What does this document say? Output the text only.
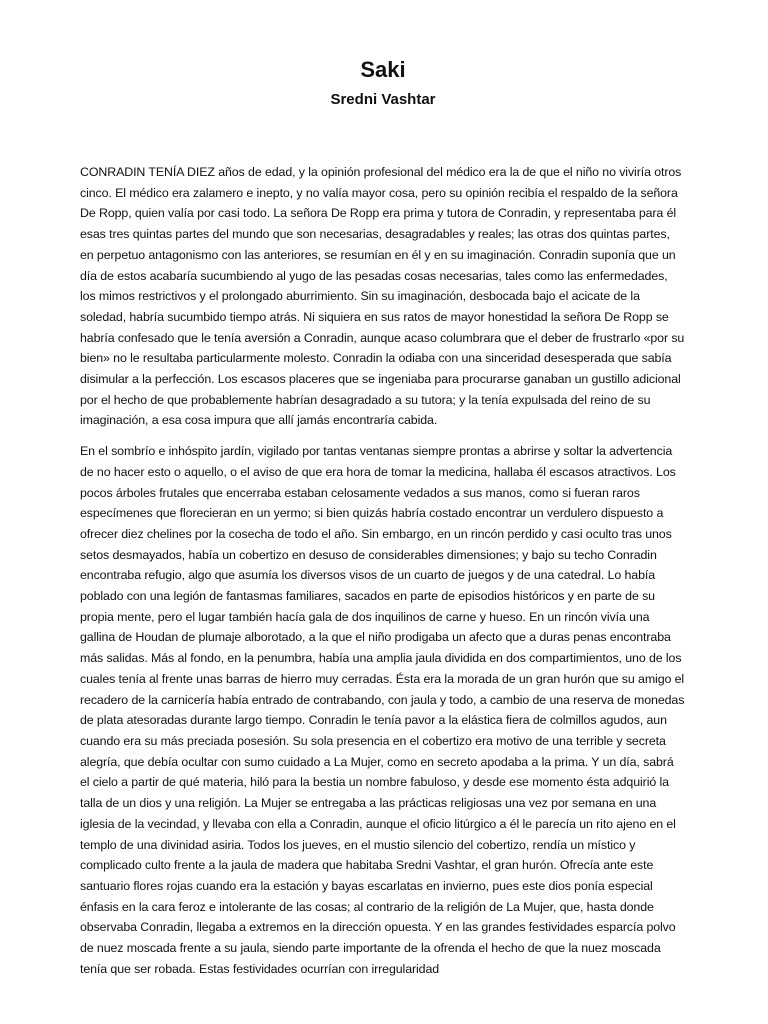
Saki
Sredni Vashtar

CONRADIN TENÍA DIEZ años de edad, y la opinión profesional del médico era la de que el niño no viviría otros cinco. El médico era zalamero e inepto, y no valía mayor cosa, pero su opinión recibía el respaldo de la señora De Ropp, quien valía por casi todo. La señora De Ropp era prima y tutora de Conradin, y representaba para él esas tres quintas partes del mundo que son necesarias, desagradables y reales; las otras dos quintas partes, en perpetuo antagonismo con las anteriores, se resumían en él y en su imaginación. Conradin suponía que un día de estos acabaría sucumbiendo al yugo de las pesadas cosas necesarias, tales como las enfermedades, los mimos restrictivos y el prolongado aburrimiento. Sin su imaginación, desbocada bajo el acicate de la soledad, habría sucumbido tiempo atrás. Ni siquiera en sus ratos de mayor honestidad la señora De Ropp se habría confesado que le tenía aversión a Conradin, aunque acaso columbrara que el deber de frustrarlo «por su bien» no le resultaba particularmente molesto. Conradin la odiaba con una sinceridad desesperada que sabía disimular a la perfección. Los escasos placeres que se ingeniaba para procurarse ganaban un gustillo adicional por el hecho de que probablemente habrían desagradado a su tutora; y la tenía expulsada del reino de su imaginación, a esa cosa impura que allí jamás encontraría cabida.

En el sombrío e inhóspito jardín, vigilado por tantas ventanas siempre prontas a abrirse y soltar la advertencia de no hacer esto o aquello, o el aviso de que era hora de tomar la medicina, hallaba él escasos atractivos. Los pocos árboles frutales que encerraba estaban celosamente vedados a sus manos, como si fueran raros especímenes que florecieran en un yermo; si bien quizás habría costado encontrar un verdulero dispuesto a ofrecer diez chelines por la cosecha de todo el año. Sin embargo, en un rincón perdido y casi oculto tras unos setos desmayados, había un cobertizo en desuso de considerables dimensiones; y bajo su techo Conradin encontraba refugio, algo que asumía los diversos visos de un cuarto de juegos y de una catedral. Lo había poblado con una legión de fantasmas familiares, sacados en parte de episodios históricos y en parte de su propia mente, pero el lugar también hacía gala de dos inquilinos de carne y hueso. En un rincón vivía una gallina de Houdan de plumaje alborotado, a la que el niño prodigaba un afecto que a duras penas encontraba más salidas. Más al fondo, en la penumbra, había una amplia jaula dividida en dos compartimientos, uno de los cuales tenía al frente unas barras de hierro muy cerradas. Ésta era la morada de un gran hurón que su amigo el recadero de la carnicería había entrado de contrabando, con jaula y todo, a cambio de una reserva de monedas de plata atesoradas durante largo tiempo. Conradin le tenía pavor a la elástica fiera de colmillos agudos, aun cuando era su más preciada posesión. Su sola presencia en el cobertizo era motivo de una terrible y secreta alegría, que debía ocultar con sumo cuidado a La Mujer, como en secreto apodaba a la prima. Y un día, sabrá el cielo a partir de qué materia, hiló para la bestia un nombre fabuloso, y desde ese momento ésta adquirió la talla de un dios y una religión. La Mujer se entregaba a las prácticas religiosas una vez por semana en una iglesia de la vecindad, y llevaba con ella a Conradin, aunque el oficio litúrgico a él le parecía un rito ajeno en el templo de una divinidad asiria. Todos los jueves, en el mustio silencio del cobertizo, rendía un místico y complicado culto frente a la jaula de madera que habitaba Sredni Vashtar, el gran hurón. Ofrecía ante este santuario flores rojas cuando era la estación y bayas escarlatas en invierno, pues este dios ponía especial énfasis en la cara feroz e intolerante de las cosas; al contrario de la religión de La Mujer, que, hasta donde observaba Conradin, llegaba a extremos en la dirección opuesta. Y en las grandes festividades esparcía polvo de nuez moscada frente a su jaula, siendo parte importante de la ofrenda el hecho de que la nuez moscada tenía que ser robada. Estas festividades ocurrían con irregularidad
